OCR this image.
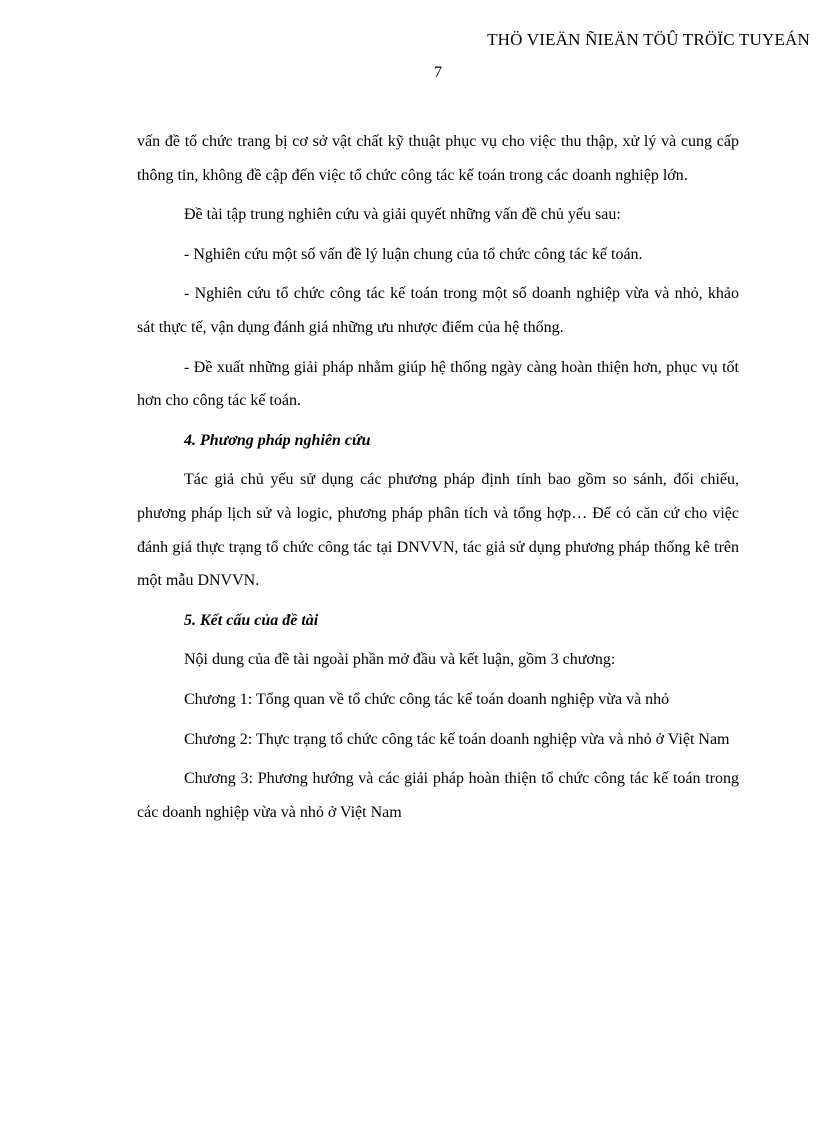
THÖ VIEÄN ÑIEÄN TÖÛ TRÖÏC TUYEÁN
7

vấn đề tổ chức trang bị cơ sở vật chất kỹ thuật phục vụ cho việc thu thập, xử lý và cung cấp thông tin, không đề cập đến việc tổ chức công tác kế toán trong các doanh nghiệp lớn.

Đề tài tập trung nghiên cứu và giải quyết những vấn đề chủ yếu sau:

- Nghiên cứu một số vấn đề lý luận chung của tổ chức công tác kế toán.

- Nghiên cứu tổ chức công tác kế toán trong một số doanh nghiệp vừa và nhỏ, khảo sát thực tế, vận dụng đánh giá những ưu nhược điểm của hệ thống.

- Đề xuất những giải pháp nhằm giúp hệ thống ngày càng hoàn thiện hơn, phục vụ tốt hơn cho công tác kế toán.

4. Phương pháp nghiên cứu

Tác giả chủ yếu sử dụng các phương pháp định tính bao gồm so sánh, đối chiếu, phương pháp lịch sử và logic, phương pháp phân tích và tổng hợp… Để có căn cứ cho việc đánh giá thực trạng tổ chức công tác tại DNVVN, tác giả sử dụng phương pháp thống kê trên một mẫu DNVVN.

5. Kết cấu của đề tài

Nội dung của đề tài ngoài phần mở đầu và kết luận, gồm 3 chương:

Chương 1: Tổng quan về tổ chức công tác kế toán doanh nghiệp vừa và nhỏ

Chương 2: Thực trạng tổ chức công tác kế toán doanh nghiệp vừa và nhỏ ở Việt Nam

Chương 3: Phương hướng và các giải pháp hoàn thiện tổ chức công tác kế toán trong các doanh nghiệp vừa và nhỏ ở Việt Nam
